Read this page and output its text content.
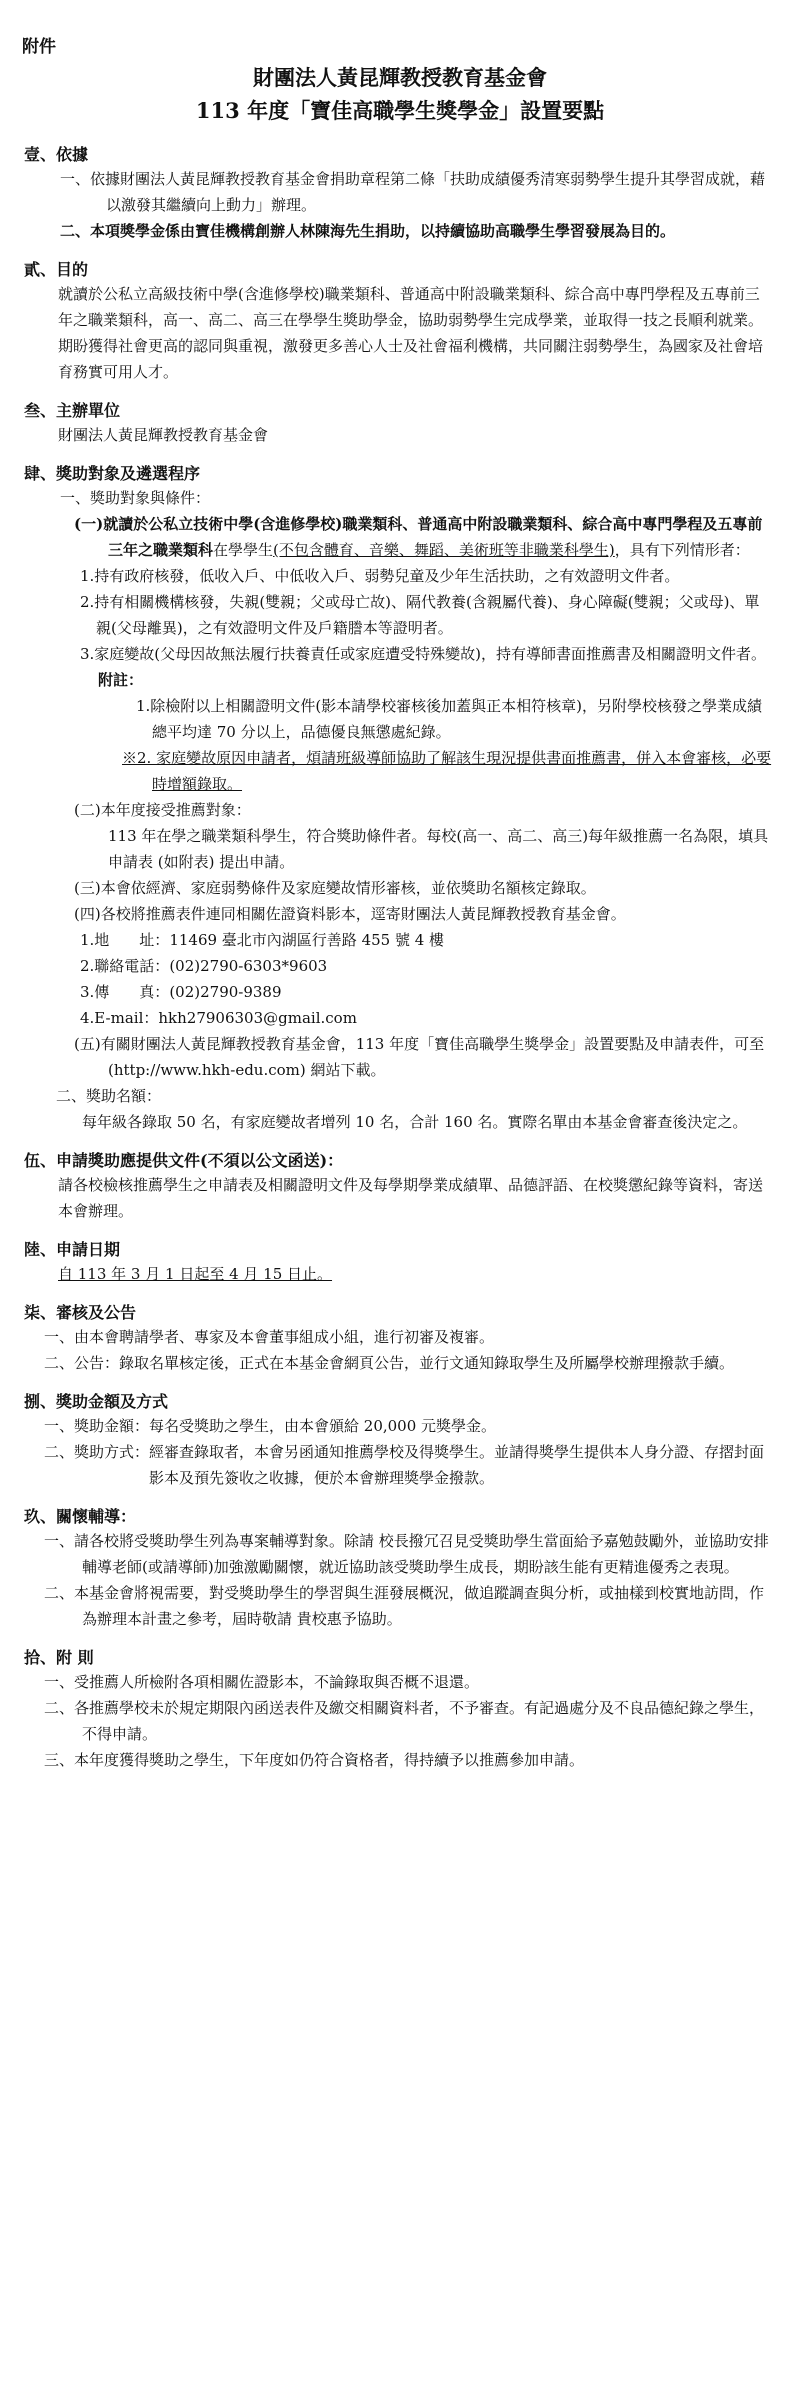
附件
財團法人黃昆輝教授教育基金會
113 年度「寶佳高職學生獎學金」設置要點
壹、依據

一、依據財團法人黃昆輝教授教育基金會捐助章程第二條「扶助成績優秀清寒弱勢學生提升其學習成就，藉以激發其繼續向上動力」辦理。

二、本項獎學金係由寶佳機構創辦人林陳海先生捐助，以持續協助高職學生學習發展為目的。

貳、目的

就讀於公私立高級技術中學(含進修學校)職業類科、普通高中附設職業類科、綜合高中專門學程及五專前三年之職業類科，高一、高二、高三在學學生獎助學金，協助弱勢學生完成學業，並取得一技之長順利就業。期盼獲得社會更高的認同與重視，激發更多善心人士及社會福利機構，共同關注弱勢學生，為國家及社會培育務實可用人才。

叁、主辦單位

財團法人黃昆輝教授教育基金會

肆、獎助對象及遴選程序

一、獎助對象與條件：

(一)就讀於公私立技術中學(含進修學校)職業類科、普通高中附設職業類科、綜合高中專門學程及五專前三年之職業類科在學學生(不包含體育、音樂、舞蹈、美術班等非職業科學生)，具有下列情形者：

1.持有政府核發，低收入戶、中低收入戶、弱勢兒童及少年生活扶助，之有效證明文件者。

2.持有相關機構核發，失親(雙親；父或母亡故)、隔代教養(含親屬代養)、身心障礙(雙親；父或母)、單親(父母離異)，之有效證明文件及戶籍謄本等證明者。

3.家庭變故(父母因故無法履行扶養責任或家庭遭受特殊變故)，持有導師書面推薦書及相關證明文件者。

附註：

1.除檢附以上相關證明文件(影本請學校審核後加蓋與正本相符核章)，另附學校核發之學業成績總平均達 70 分以上，品德優良無懲處紀錄。

※2. 家庭變故原因申請者，煩請班級導師協助了解該生現況提供書面推薦書，併入本會審核，必要時增額錄取。

(二)本年度接受推薦對象：

113 年在學之職業類科學生，符合獎助條件者。每校(高一、高二、高三)每年級推薦一名為限，填具申請表 (如附表) 提出申請。

(三)本會依經濟、家庭弱勢條件及家庭變故情形審核，並依獎助名額核定錄取。

(四)各校將推薦表件連同相關佐證資料影本，逕寄財團法人黃昆輝教授教育基金會。

1.地　　址： 11469 臺北市內湖區行善路 455 號 4 樓
2.聯絡電話： (02)2790-6303*9603
3.傳　　真： (02)2790-9389
4.E-mail： hkh27906303@gmail.com

(五)有關財團法人黃昆輝教授教育基金會，113 年度「寶佳高職學生獎學金」設置要點及申請表件，可至(http://www.hkh-edu.com) 網站下載。

二、獎助名額：

每年級各錄取 50 名，有家庭變故者增列 10 名，合計 160 名。實際名單由本基金會審查後決定之。

伍、申請獎助應提供文件(不須以公文函送)：

請各校檢核推薦學生之申請表及相關證明文件及每學期學業成績單、品德評語、在校獎懲紀錄等資料，寄送本會辦理。

陸、申請日期

自 113 年 3 月 1 日起至 4 月 15 日止。

柒、審核及公告

一、由本會聘請學者、專家及本會董事組成小組，進行初審及複審。

二、公告：錄取名單核定後，正式在本基金會網頁公告，並行文通知錄取學生及所屬學校辦理撥款手續。

捌、獎助金額及方式

一、獎助金額：每名受獎助之學生，由本會頒給 20,000 元獎學金。

二、獎助方式： 經審查錄取者，本會另函通知推薦學校及得獎學生。並請得獎學生提供本人身分證、存摺封面影本及預先簽收之收據，便於本會辦理獎學金撥款。
玖、關懷輔導：

一、請各校將受獎助學生列為專案輔導對象。除請 校長撥冗召見受獎助學生當面給予嘉勉鼓勵外，並協助安排輔導老師(或請導師)加強激勵關懷，就近協助該受獎助學生成長，期盼該生能有更精進優秀之表現。

二、本基金會將視需要，對受獎助學生的學習與生涯發展概況，做追蹤調查與分析，或抽樣到校實地訪問，作為辦理本計畫之參考，屆時敬請 貴校惠予協助。

拾、附 則

一、受推薦人所檢附各項相關佐證影本，不論錄取與否概不退還。

二、各推薦學校未於規定期限內函送表件及繳交相關資料者，不予審查。有記過處分及不良品德紀錄之學生，不得申請。

三、本年度獲得獎助之學生，下年度如仍符合資格者，得持續予以推薦參加申請。
